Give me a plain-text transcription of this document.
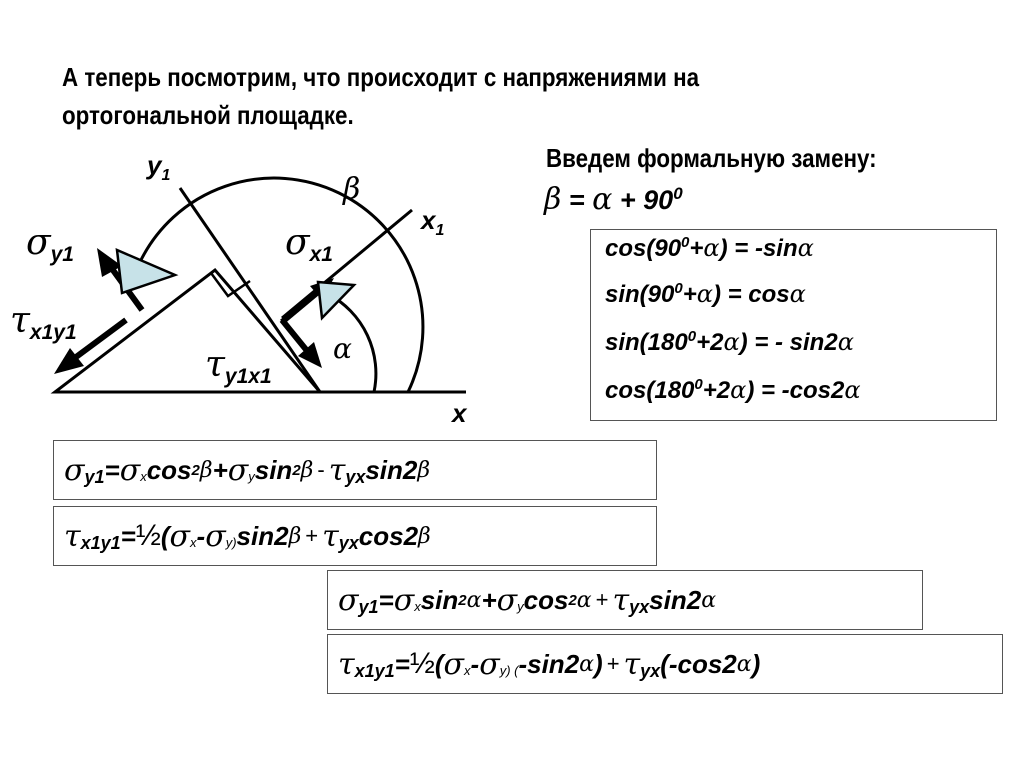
А теперь посмотрим, что происходит с напряжениями на ортогональной площадке.
$y_1$
$x_1$
x
β
α
σy1	σx1
τx1y1
τy1x1
Введем формальную замену:
$\beta = \alpha + 90^0$
$\cos(90^0+\alpha) = -\sin\alpha$
$\sin(90^0+\alpha) = \cos\alpha$
$\sin(180^0+2\alpha)$ = - sin2α
$\cos(180^0+2\alpha) = -\cos 2\alpha$
σ y1 = σ x cos 2 β + σ y sin 2 β - τ yx sin2 β
τ x1y1 = ½ ( σ x - σ y) sin2 β + τ yx cos2 β
σ y1 = σ x sin 2 α + σ y cos 2 α + τ yx sin2 α
τ x1y1 = ½ ( σ x - σ y) ( -sin2 α ) + τ yx (-cos2 α )
